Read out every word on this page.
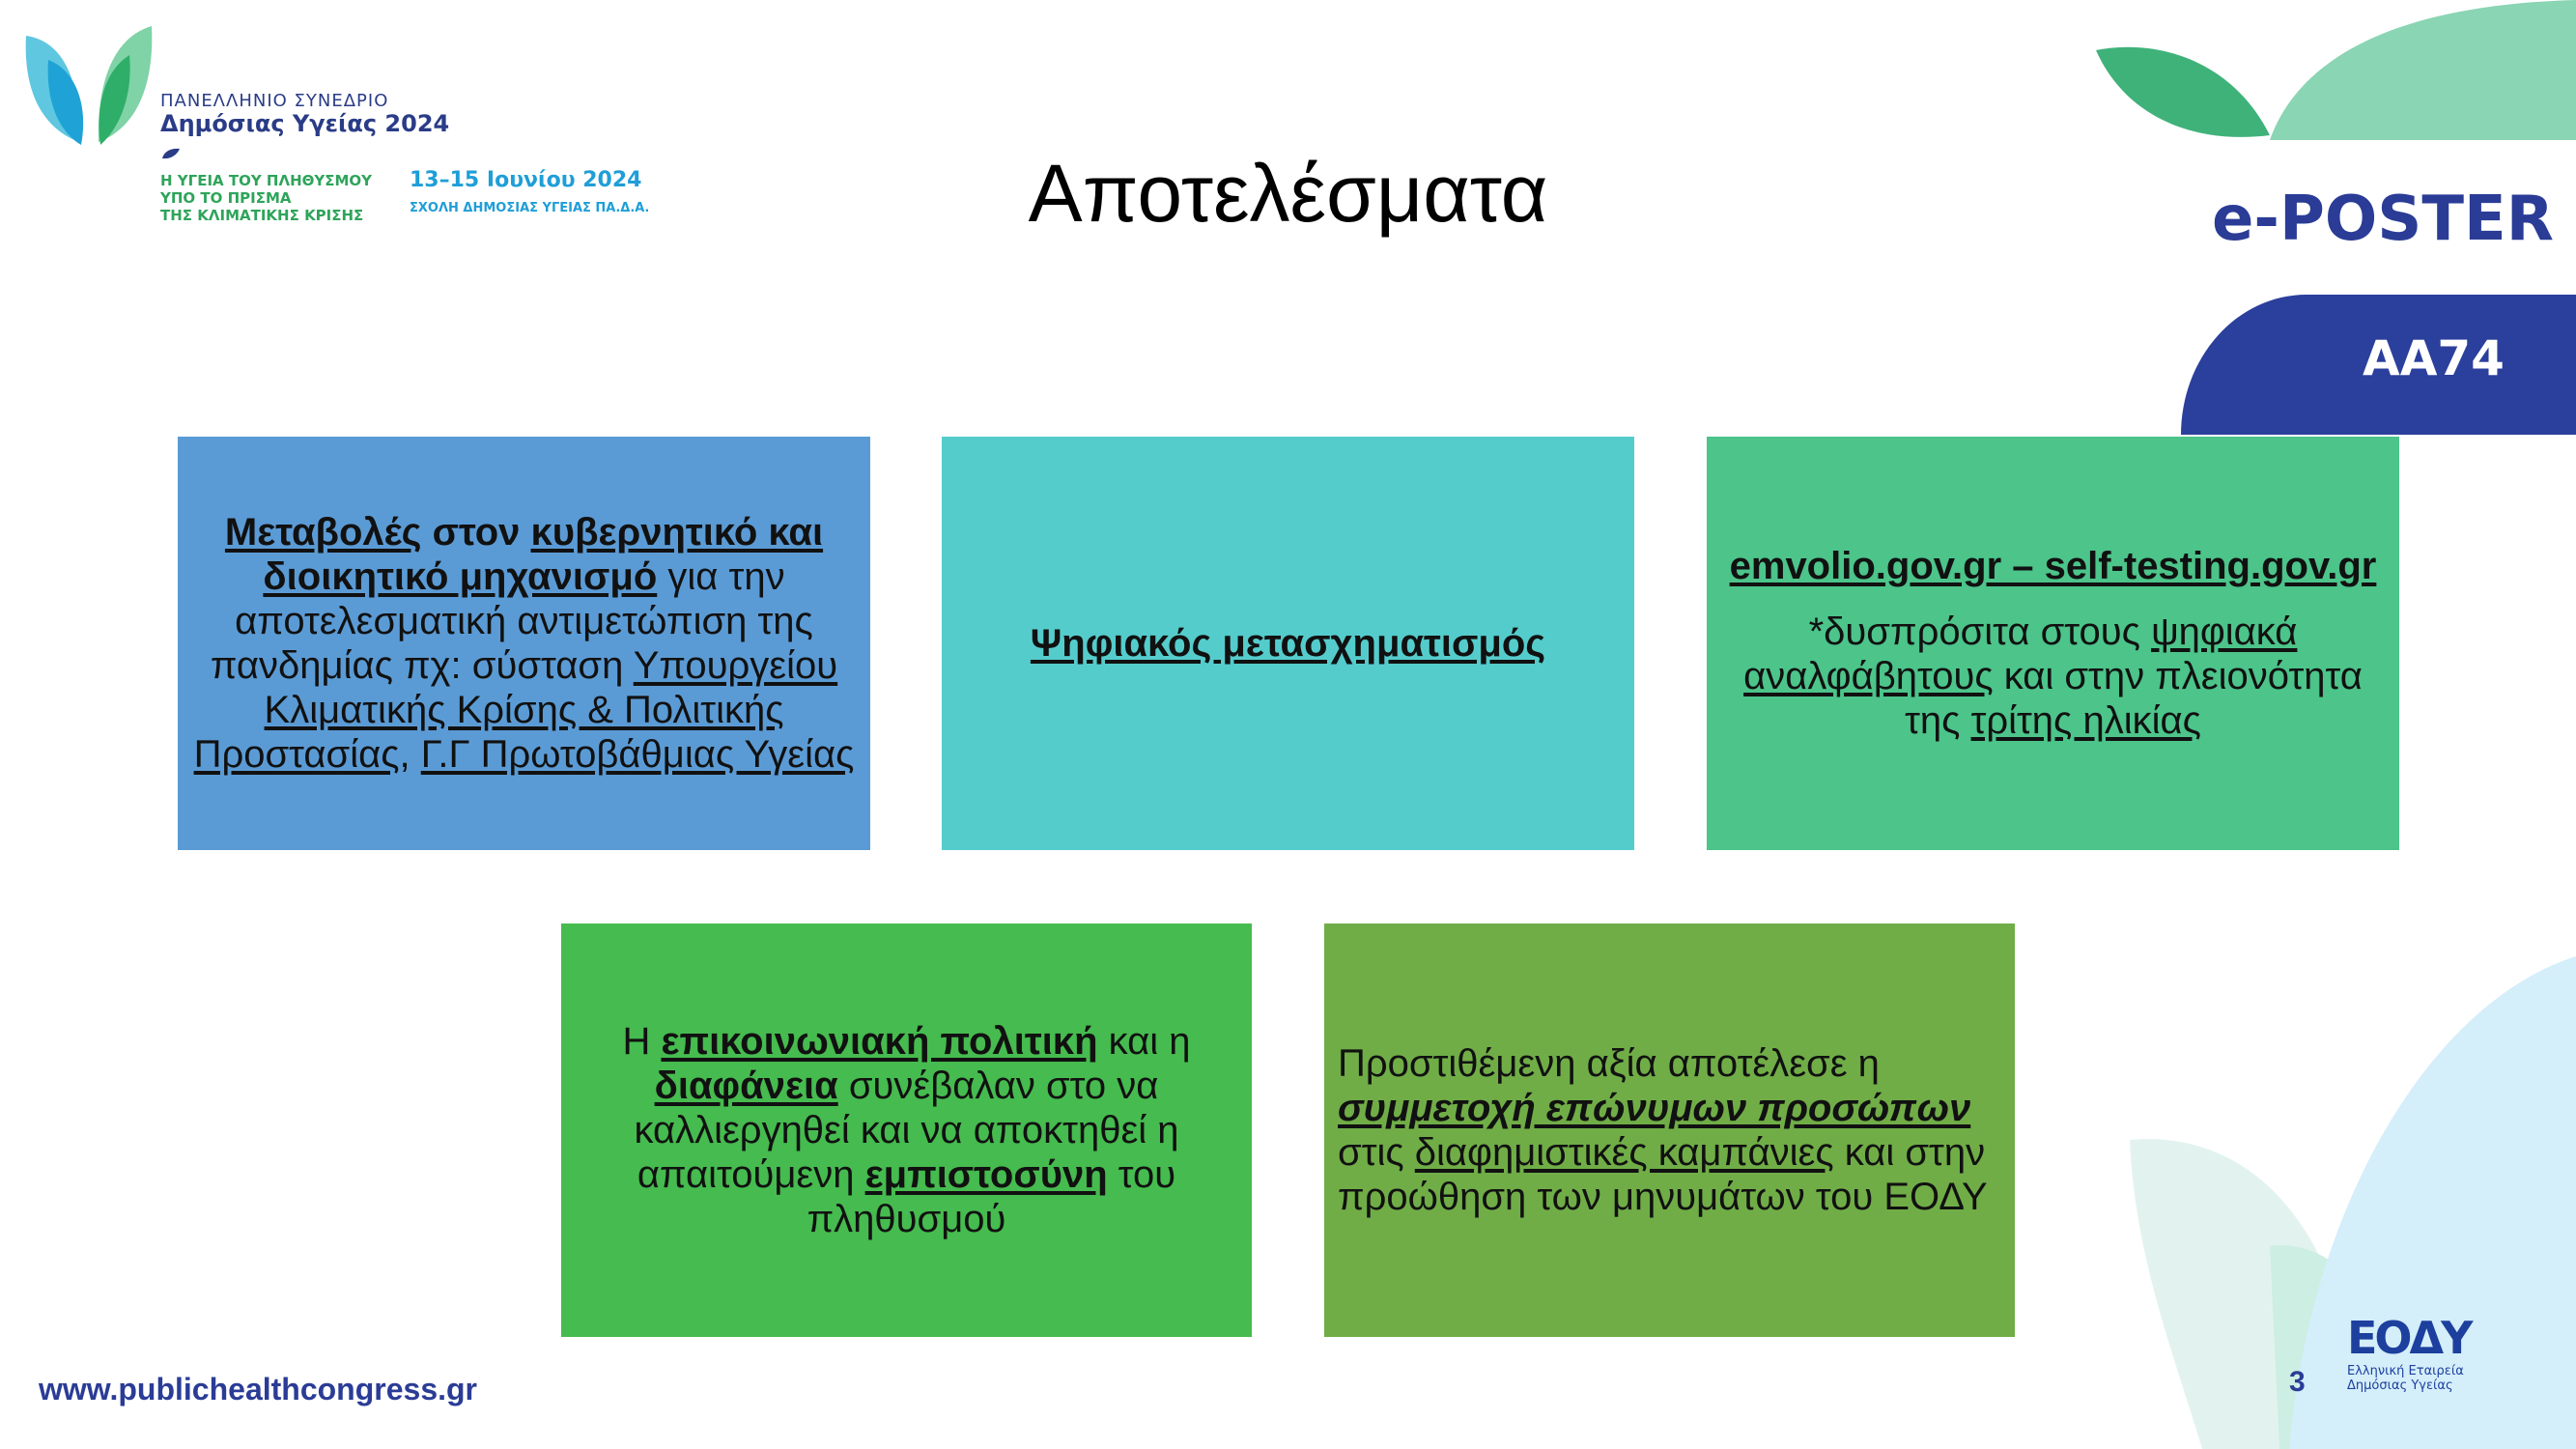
ΠΑΝΕΛΛΗΝΙΟ ΣΥΝΕΔΡΙΟ
Δημόσιας Υγείας 2024
Η ΥΓΕΙΑ ΤΟΥ ΠΛΗΘΥΣΜΟΥ
ΥΠΟ ΤΟ ΠΡΙΣΜΑ
ΤΗΣ ΚΛΙΜΑΤΙΚΗΣ ΚΡΙΣΗΣ
13–15 Ιουνίου 2024
ΣΧΟΛΗ ΔΗΜΟΣΙΑΣ ΥΓΕΙΑΣ ΠΑ.Δ.Α.	Αποτελέσματα	e-POSTER
ΑΑ74
Μεταβολές στον κυβερνητικό και διοικητικό μηχανισμό για την αποτελεσματική αντιμετώπιση της πανδημίας πχ: σύσταση Υπουργείου Κλιματικής Κρίσης & Πολιτικής Προστασίας, Γ.Γ Πρωτοβάθμιας Υγείας
Ψηφιακός μετασχηματισμός
emvolio.gov.gr – self-testing.gov.gr
*δυσπρόσιτα στους ψηφιακά αναλφάβητους και στην πλειονότητα της τρίτης ηλικίας
Η επικοινωνιακή πολιτική και η διαφάνεια συνέβαλαν στο να καλλιεργηθεί και να αποκτηθεί η απαιτούμενη εμπιστοσύνη του πληθυσμού
Προστιθέμενη αξία αποτέλεσε η συμμετοχή επώνυμων προσώπων στις διαφημιστικές καμπάνιες και στην προώθηση των μηνυμάτων του ΕΟΔΥ
www.publichealthcongress.gr	3
ΕΟΔΥ
Ελληνική Εταιρεία
Δημόσιας Υγείας
